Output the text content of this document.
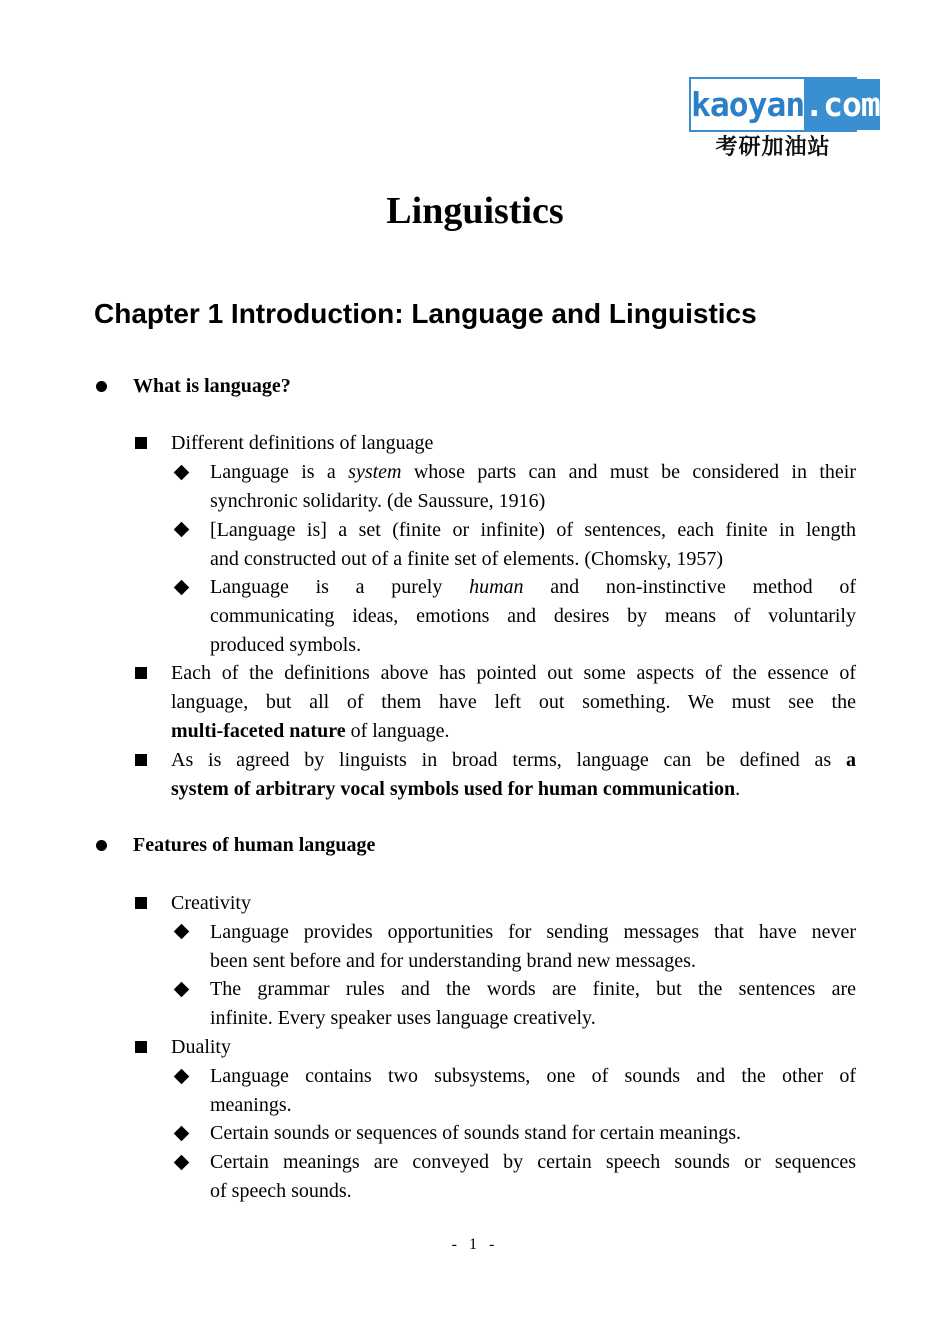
kaoyan .com
考研加油站
Linguistics
Chapter 1 Introduction: Language and Linguistics
What is language?
Different definitions of language
Language is a system whose parts can and must be considered in their
synchronic solidarity. (de Saussure, 1916)
[Language is] a set (finite or infinite) of sentences, each finite in length
and constructed out of a finite set of elements. (Chomsky, 1957)
Language is a purely human and non-instinctive method of
communicating ideas, emotions and desires by means of voluntarily
produced symbols.
Each of the definitions above has pointed out some aspects of the essence of
language, but all of them have left out something. We must see the
multi-faceted nature of language.
As is agreed by linguists in broad terms, language can be defined as a
system of arbitrary vocal symbols used for human communication.
Features of human language
Creativity
Language provides opportunities for sending messages that have never
been sent before and for understanding brand new messages.
The grammar rules and the words are finite, but the sentences are
infinite. Every speaker uses language creatively.
Duality
Language contains two subsystems, one of sounds and the other of
meanings.
Certain sounds or sequences of sounds stand for certain meanings.
Certain meanings are conveyed by certain speech sounds or sequences
of speech sounds.
- 1 -
